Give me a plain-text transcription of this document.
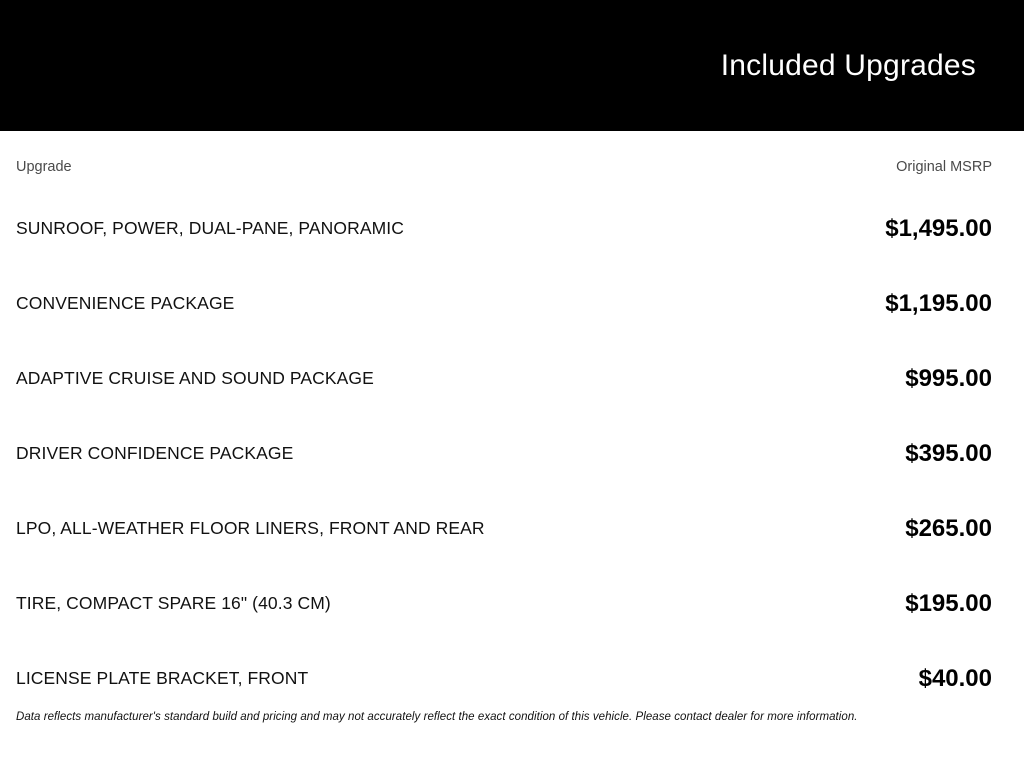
Included Upgrades
Upgrade	Original MSRP
SUNROOF, POWER, DUAL-PANE, PANORAMIC	$1,495.00
CONVENIENCE PACKAGE	$1,195.00
ADAPTIVE CRUISE AND SOUND PACKAGE	$995.00
DRIVER CONFIDENCE PACKAGE	$395.00
LPO, ALL-WEATHER FLOOR LINERS, FRONT AND REAR	$265.00
TIRE, COMPACT SPARE 16" (40.3 CM)	$195.00
LICENSE PLATE BRACKET, FRONT	$40.00
Data reflects manufacturer's standard build and pricing and may not accurately reflect the exact condition of this vehicle. Please contact dealer for more information.
